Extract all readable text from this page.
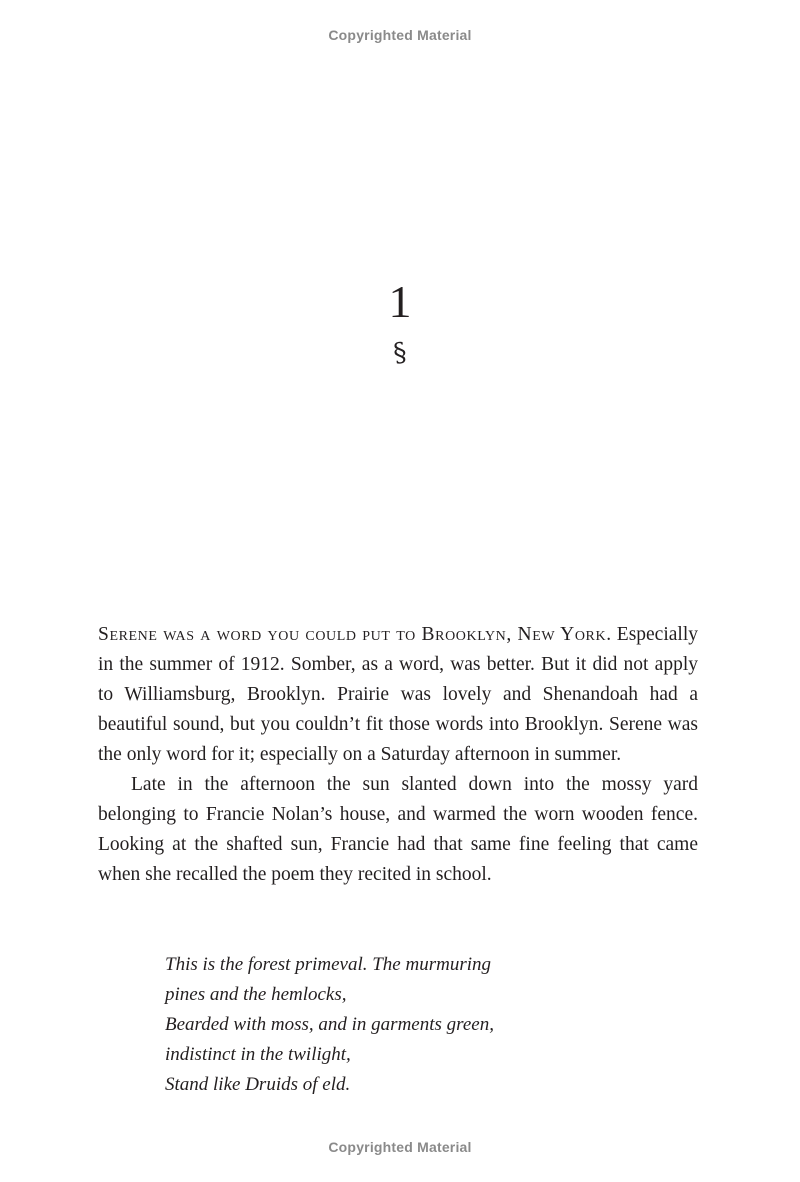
Copyrighted Material
1
§

Serene was a word you could put to Brooklyn, New York. Especially in the summer of 1912. Somber, as a word, was better. But it did not apply to Williamsburg, Brooklyn. Prairie was lovely and Shenandoah had a beautiful sound, but you couldn’t fit those words into Brooklyn. Serene was the only word for it; especially on a Saturday afternoon in summer.

Late in the afternoon the sun slanted down into the mossy yard belonging to Francie Nolan’s house, and warmed the worn wooden fence. Looking at the shafted sun, Francie had that same fine feeling that came when she recalled the poem they recited in school.

This is the forest primeval. The murmuring
pines and the hemlocks,
Bearded with moss, and in garments green,
indistinct in the twilight,
Stand like Druids of eld.
Copyrighted Material
